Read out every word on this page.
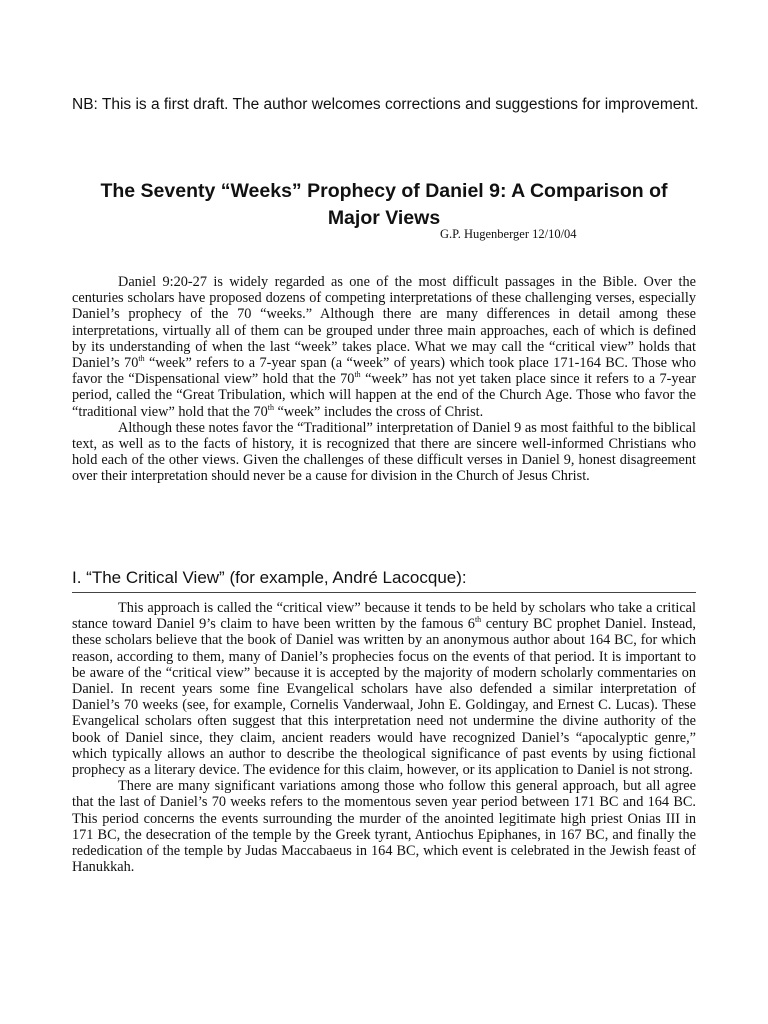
NB: This is a first draft. The author welcomes corrections and suggestions for improvement.
The Seventy “Weeks” Prophecy of Daniel 9: A Comparison of Major Views
G.P. Hugenberger 12/10/04

Daniel 9:20-27 is widely regarded as one of the most difficult passages in the Bible. Over the centuries scholars have proposed dozens of competing interpretations of these challenging verses, especially Daniel’s prophecy of the 70 “weeks.” Although there are many differences in detail among these interpretations, virtually all of them can be grouped under three main approaches, each of which is defined by its understanding of when the last “week” takes place. What we may call the “critical view” holds that Daniel’s 70th “week” refers to a 7-year span (a “week” of years) which took place 171-164 BC. Those who favor the “Dispensational view” hold that the 70th “week” has not yet taken place since it refers to a 7-year period, called the “Great Tribulation, which will happen at the end of the Church Age. Those who favor the “traditional view” hold that the 70th “week” includes the cross of Christ.

Although these notes favor the “Traditional” interpretation of Daniel 9 as most faithful to the biblical text, as well as to the facts of history, it is recognized that there are sincere well-informed Christians who hold each of the other views. Given the challenges of these difficult verses in Daniel 9, honest disagreement over their interpretation should never be a cause for division in the Church of Jesus Christ.

I. “The Critical View” (for example, André Lacocque):

This approach is called the “critical view” because it tends to be held by scholars who take a critical stance toward Daniel 9’s claim to have been written by the famous 6th century BC prophet Daniel. Instead, these scholars believe that the book of Daniel was written by an anonymous author about 164 BC, for which reason, according to them, many of Daniel’s prophecies focus on the events of that period. It is important to be aware of the “critical view” because it is accepted by the majority of modern scholarly commentaries on Daniel. In recent years some fine Evangelical scholars have also defended a similar interpretation of Daniel’s 70 weeks (see, for example, Cornelis Vanderwaal, John E. Goldingay, and Ernest C. Lucas). These Evangelical scholars often suggest that this interpretation need not undermine the divine authority of the book of Daniel since, they claim, ancient readers would have recognized Daniel’s “apocalyptic genre,” which typically allows an author to describe the theological significance of past events by using fictional prophecy as a literary device. The evidence for this claim, however, or its application to Daniel is not strong.

There are many significant variations among those who follow this general approach, but all agree that the last of Daniel’s 70 weeks refers to the momentous seven year period between 171 BC and 164 BC. This period concerns the events surrounding the murder of the anointed legitimate high priest Onias III in 171 BC, the desecration of the temple by the Greek tyrant, Antiochus Epiphanes, in 167 BC, and finally the rededication of the temple by Judas Maccabaeus in 164 BC, which event is celebrated in the Jewish feast of Hanukkah.
